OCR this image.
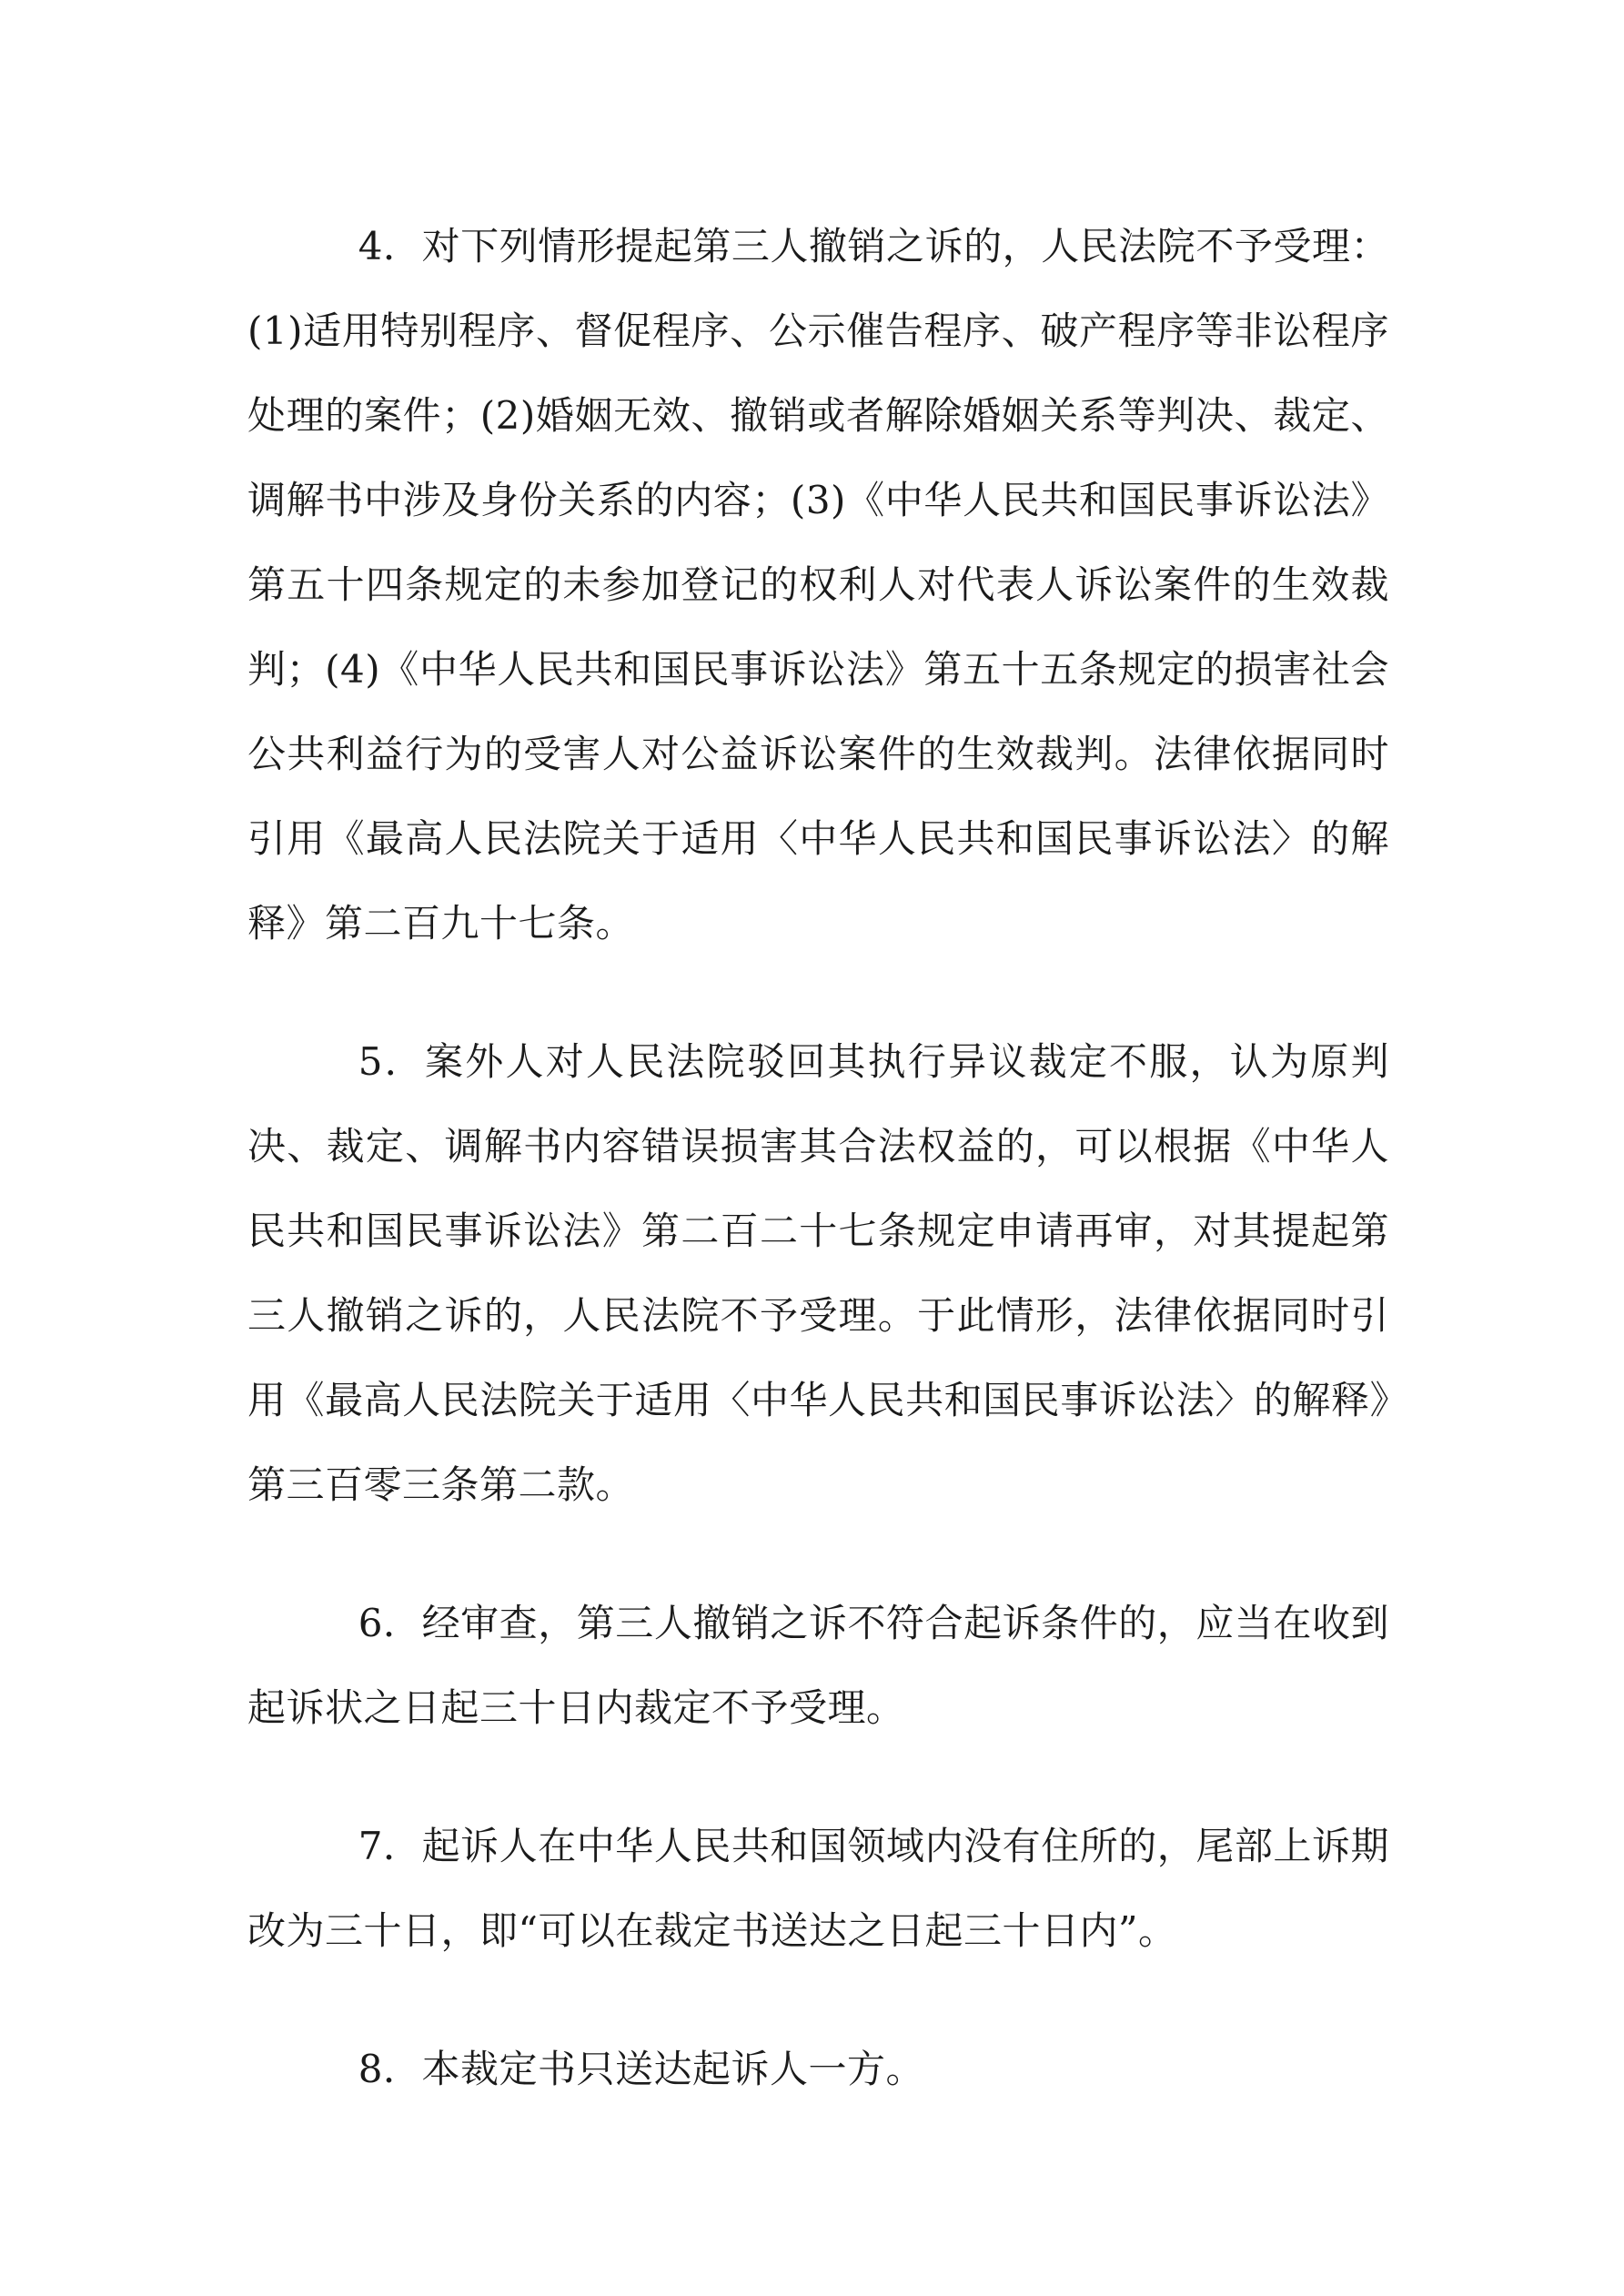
4．对下列情形提起第三人撤销之诉的，人民法院不予受理：(1)适用特别程序、督促程序、公示催告程序、破产程序等非讼程序处理的案件；(2)婚姻无效、撤销或者解除婚姻关系等判决、裁定、调解书中涉及身份关系的内容；(3)《中华人民共和国民事诉讼法》第五十四条规定的未参加登记的权利人对代表人诉讼案件的生效裁判；(4)《中华人民共和国民事诉讼法》第五十五条规定的损害社会公共利益行为的受害人对公益诉讼案件的生效裁判。法律依据同时引用《最高人民法院关于适用〈中华人民共和国民事诉讼法〉的解释》第二百九十七条。

5．案外人对人民法院驳回其执行异议裁定不服，认为原判决、裁定、调解书内容错误损害其合法权益的，可以根据《中华人民共和国民事诉讼法》第二百二十七条规定申请再审，对其提起第三人撤销之诉的，人民法院不予受理。于此情形，法律依据同时引用《最高人民法院关于适用〈中华人民共和国民事诉讼法〉的解释》第三百零三条第二款。

6．经审查，第三人撤销之诉不符合起诉条件的，应当在收到起诉状之日起三十日内裁定不予受理。

7．起诉人在中华人民共和国领域内没有住所的，尾部上诉期改为三十日，即“可以在裁定书送达之日起三十日内”。

8．本裁定书只送达起诉人一方。
